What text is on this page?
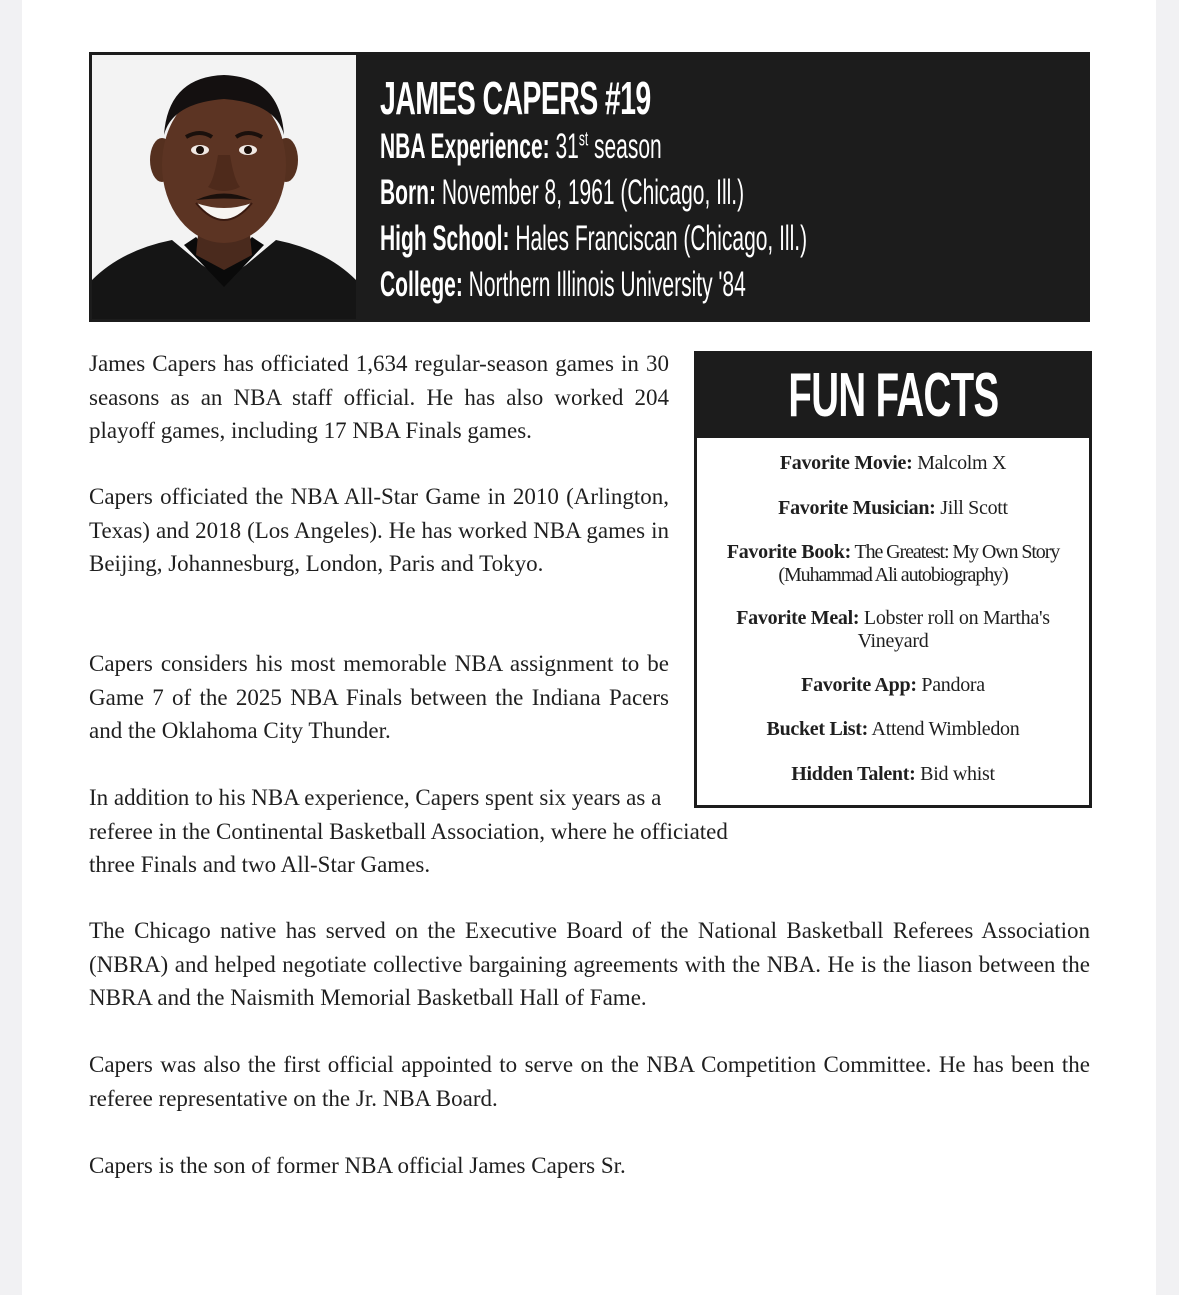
JAMES CAPERS #19
NBA Experience: 31st season
Born: November 8, 1961 (Chicago, Ill.)
High School: Hales Franciscan (Chicago, Ill.)
College: Northern Illinois University '84

James Capers has officiated 1,634 regular-season games in 30 seasons as an NBA staff official. He has also worked 204 playoff games, including 17 NBA Finals games.

Capers officiated the NBA All-Star Game in 2010 (Arlington, Texas) and 2018 (Los Angeles). He has worked NBA games in Beijing, Johannesburg, London, Paris and Tokyo.

Capers considers his most memorable NBA assignment to be Game 7 of the 2025 NBA Finals between the Indiana Pacers and the Oklahoma City Thunder.

In addition to his NBA experience, Capers spent six years as a referee in the Continental Basketball Association, where he officiated three Finals and two All-Star Games.

The Chicago native has served on the Executive Board of the National Basketball Referees Association (NBRA) and helped negotiate collective bargaining agreements with the NBA. He is the liason between the NBRA and the Naismith Memorial Basketball Hall of Fame.

Capers was also the first official appointed to serve on the NBA Competition Committee. He has been the referee representative on the Jr. NBA Board.

Capers is the son of former NBA official James Capers Sr.

FUN FACTS
Favorite Movie: Malcolm X
Favorite Musician: Jill Scott
Favorite Book: The Greatest: My Own Story (Muhammad Ali autobiography)
Favorite Meal: Lobster roll on Martha's Vineyard
Favorite App: Pandora
Bucket List: Attend Wimbledon
Hidden Talent: Bid whist
